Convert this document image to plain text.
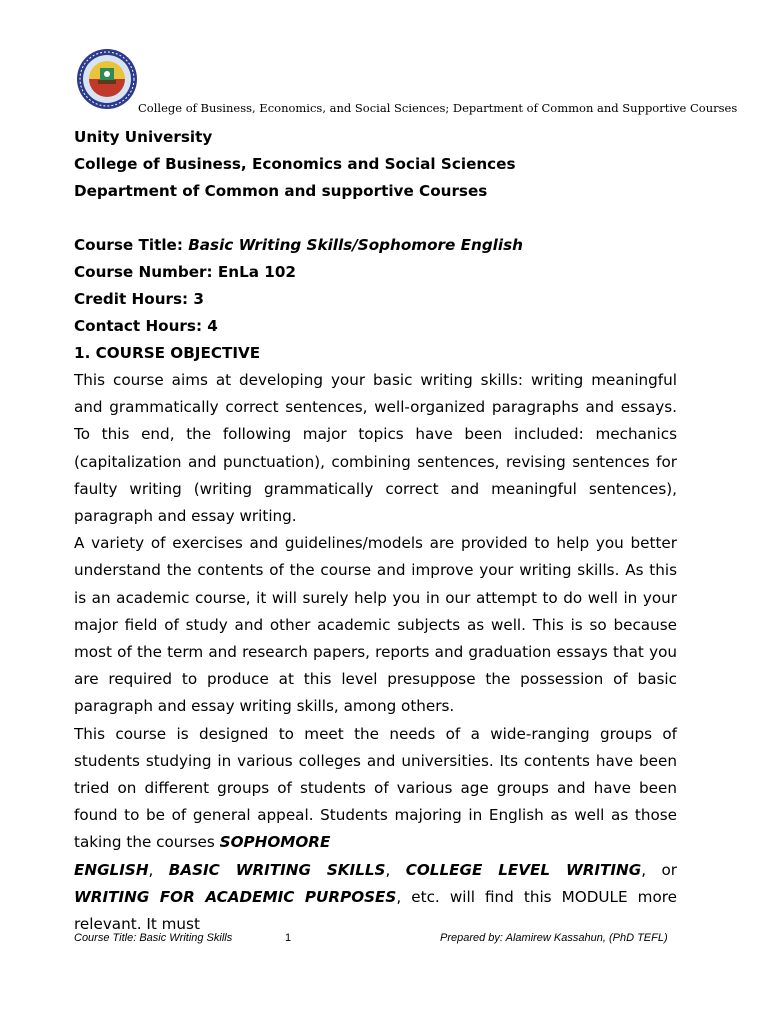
College of Business, Economics, and Social Sciences; Department of Common and Supportive Courses

Unity University

College of Business, Economics and Social Sciences

Department of Common and supportive Courses

Course Title: Basic Writing Skills/Sophomore English

Course Number: EnLa 102

Credit Hours: 3

Contact Hours: 4

1. COURSE OBJECTIVE

This course aims at developing your basic writing skills: writing meaningful and grammatically correct sentences, well-organized paragraphs and essays. To this end, the following major topics have been included: mechanics (capitalization and punctuation), combining sentences, revising sentences for faulty writing (writing grammatically correct and meaningful sentences), paragraph and essay writing.

A variety of exercises and guidelines/models are provided to help you better understand the contents of the course and improve your writing skills. As this is an academic course, it will surely help you in our attempt to do well in your major field of study and other academic subjects as well. This is so because most of the term and research papers, reports and graduation essays that you are required to produce at this level presuppose the possession of basic paragraph and essay writing skills, among others.

This course is designed to meet the needs of a wide-ranging groups of students studying in various colleges and universities. Its contents have been tried on different groups of students of various age groups and have been found to be of general appeal. Students majoring in English as well as those taking the courses SOPHOMORE

ENGLISH, BASIC WRITING SKILLS, COLLEGE LEVEL WRITING, or WRITING FOR ACADEMIC PURPOSES, etc. will find this MODULE more relevant. It must

Course Title: Basic Writing Skills	1	Prepared by: Alamirew Kassahun, (PhD TEFL)
